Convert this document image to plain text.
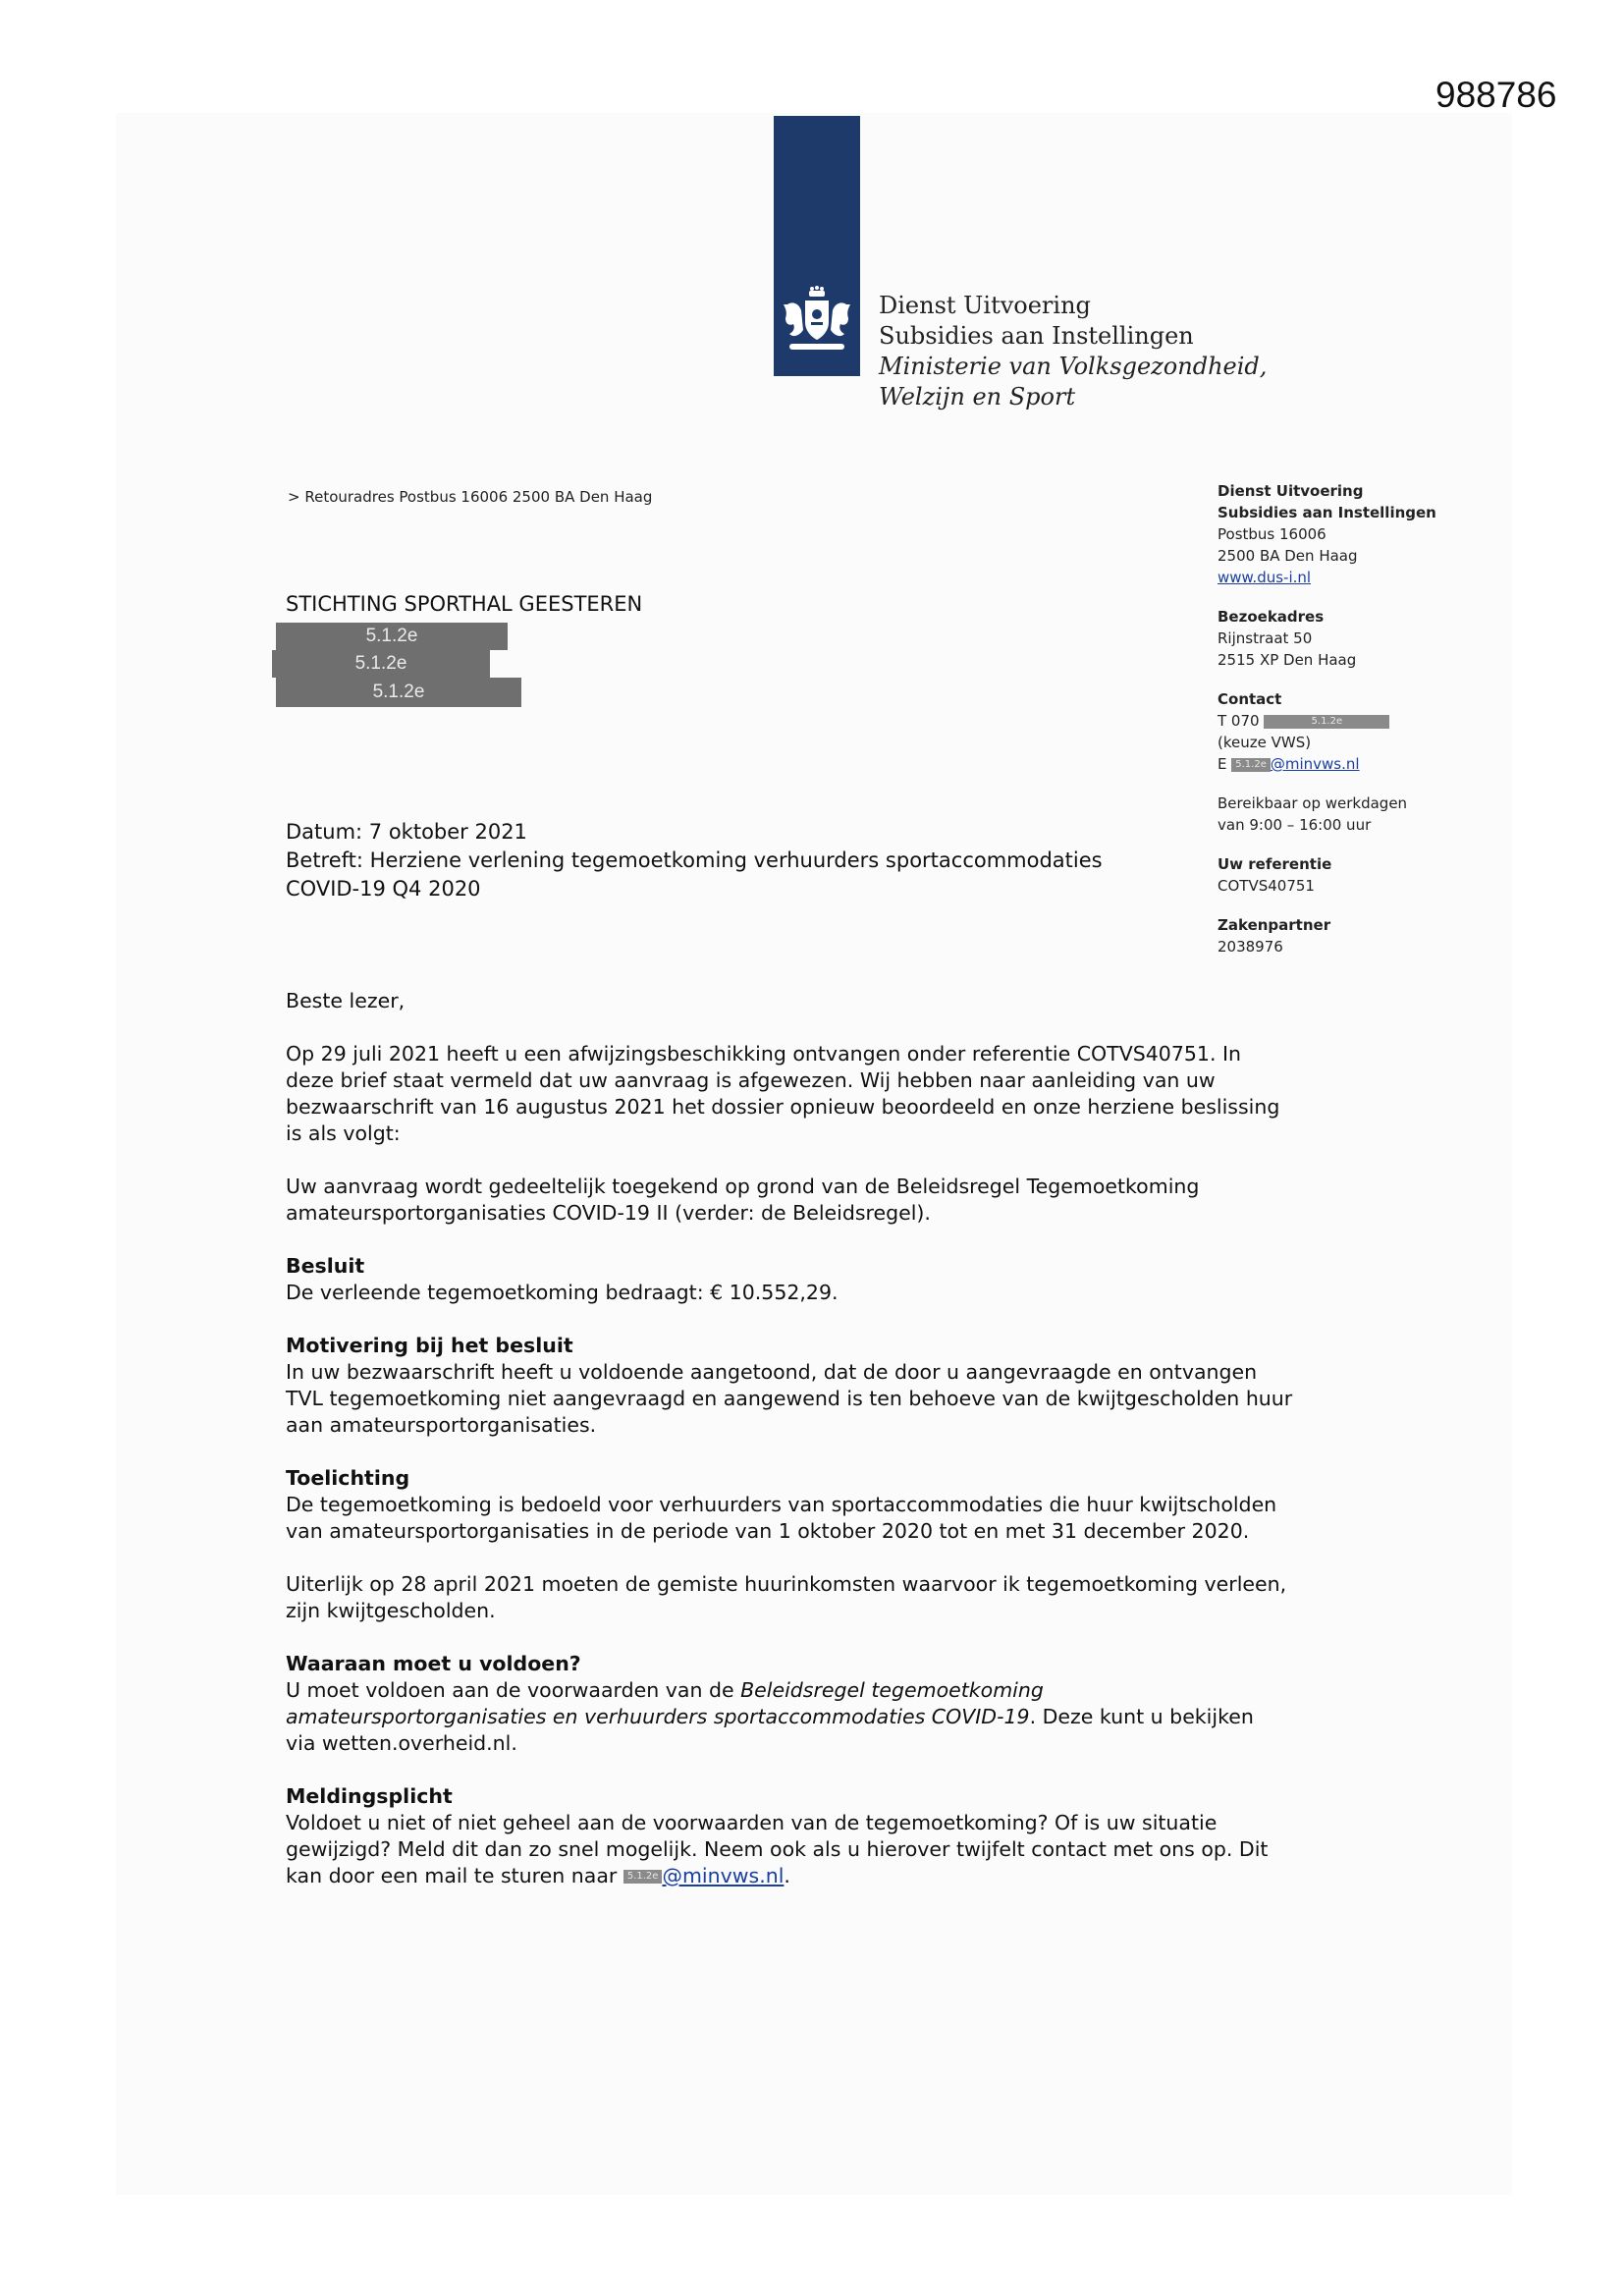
988786
Dienst Uitvoering
Subsidies aan Instellingen
Ministerie van Volksgezondheid,
Welzijn en Sport
> Retouradres Postbus 16006 2500 BA Den Haag
STICHTING SPORTHAL GEESTEREN
5.1.2e
5.1.2e
5.1.2e
Dienst Uitvoering
Subsidies aan Instellingen
Postbus 16006
2500 BA Den Haag
www.dus-i.nl
Bezoekadres
Rijnstraat 50
2515 XP Den Haag
Contact
T 070	5.1.2e
(keuze VWS)
E 5.1.2e @minvws.nl
Bereikbaar op werkdagen
van 9:00 – 16:00 uur
Uw referentie
COTVS40751
Zakenpartner
2038976
Datum: 7 oktober 2021
Betreft: Herziene verlening tegemoetkoming verhuurders sportaccommodaties
COVID-19 Q4 2020

Beste lezer,

Op 29 juli 2021 heeft u een afwijzingsbeschikking ontvangen onder referentie COTVS40751. In

deze brief staat vermeld dat uw aanvraag is afgewezen. Wij hebben naar aanleiding van uw

bezwaarschrift van 16 augustus 2021 het dossier opnieuw beoordeeld en onze herziene beslissing

is als volgt:

Uw aanvraag wordt gedeeltelijk toegekend op grond van de Beleidsregel Tegemoetkoming

amateursportorganisaties COVID-19 II (verder: de Beleidsregel).

Besluit

De verleende tegemoetkoming bedraagt: € 10.552,29.

Motivering bij het besluit

In uw bezwaarschrift heeft u voldoende aangetoond, dat de door u aangevraagde en ontvangen

TVL tegemoetkoming niet aangevraagd en aangewend is ten behoeve van de kwijtgescholden huur

aan amateursportorganisaties.

Toelichting

De tegemoetkoming is bedoeld voor verhuurders van sportaccommodaties die huur kwijtscholden

van amateursportorganisaties in de periode van 1 oktober 2020 tot en met 31 december 2020.

Uiterlijk op 28 april 2021 moeten de gemiste huurinkomsten waarvoor ik tegemoetkoming verleen,

zijn kwijtgescholden.

Waaraan moet u voldoen?

U moet voldoen aan de voorwaarden van de Beleidsregel tegemoetkoming

amateursportorganisaties en verhuurders sportaccommodaties COVID-19. Deze kunt u bekijken

via wetten.overheid.nl.

Meldingsplicht

Voldoet u niet of niet geheel aan de voorwaarden van de tegemoetkoming? Of is uw situatie

gewijzigd? Meld dit dan zo snel mogelijk. Neem ook als u hierover twijfelt contact met ons op. Dit

kan door een mail te sturen naar 5.1.2e @minvws.nl.
